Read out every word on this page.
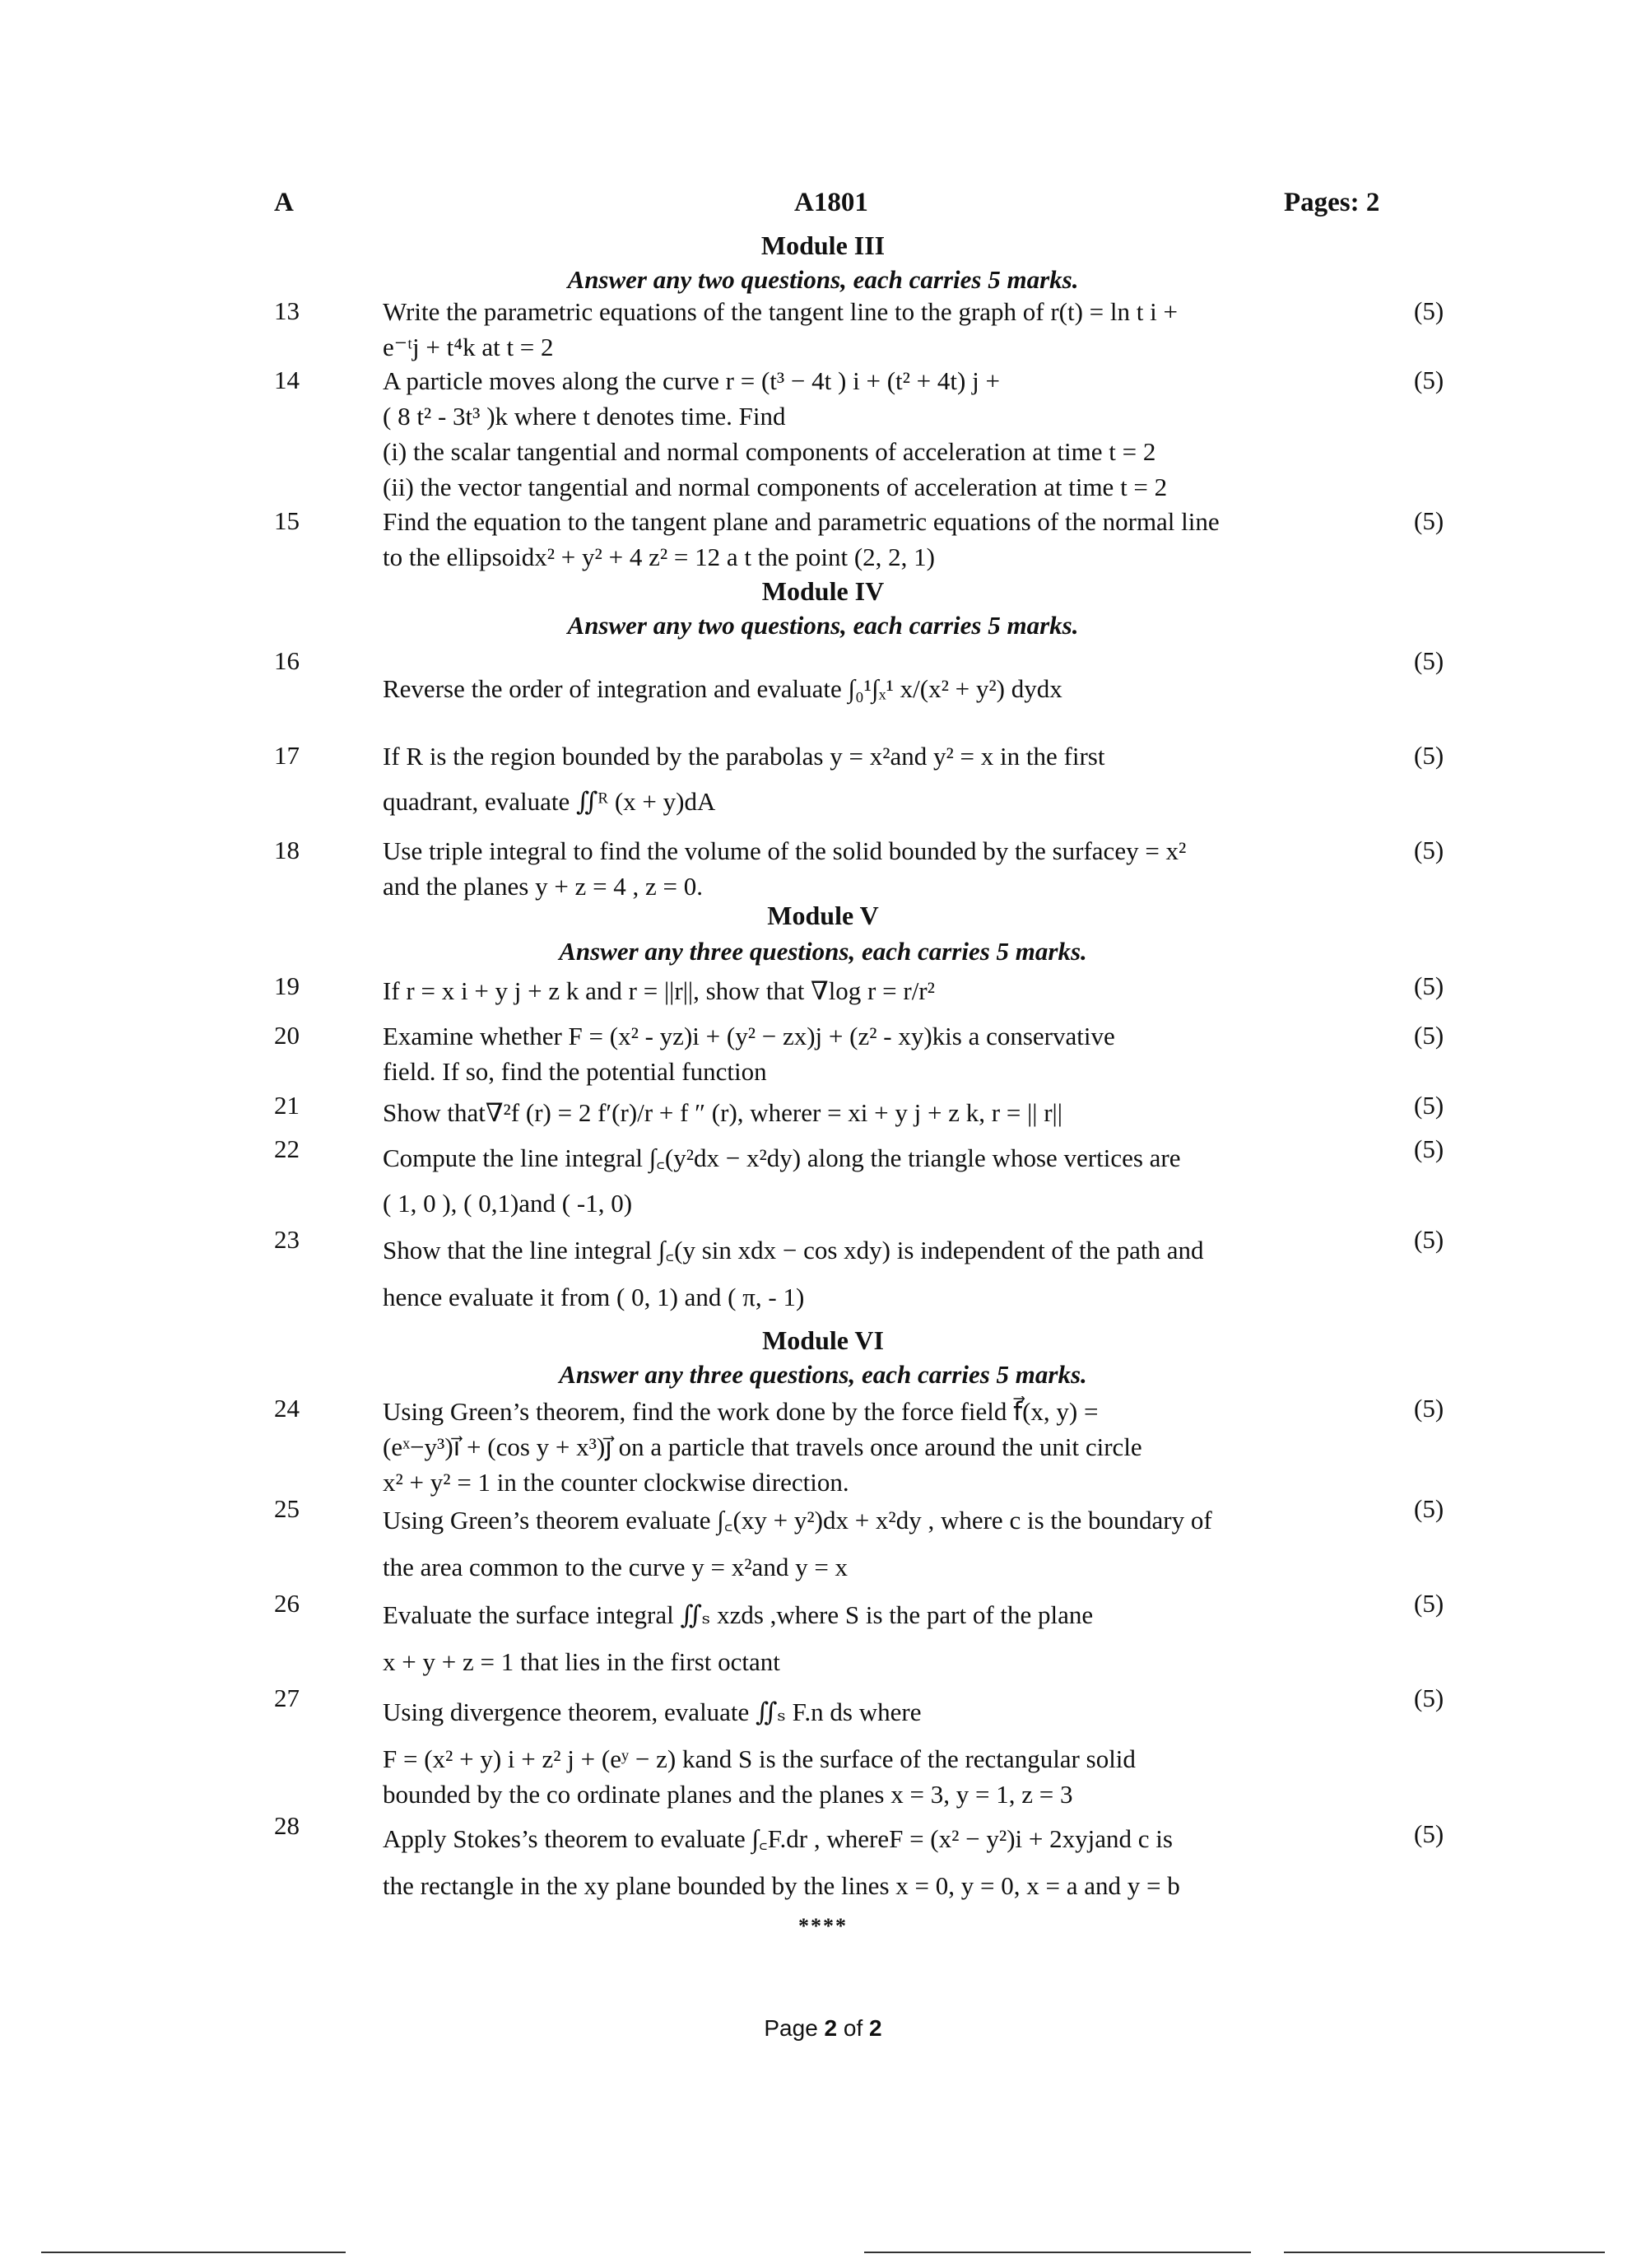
A	A1801	Pages: 2
Module III
Answer any two questions, each carries 5 marks.
13	Write the parametric equations of the tangent line to the graph of r(t) = ln t i +
e⁻ᵗj + t⁴k at t = 2
(5)
14	A particle moves along the curve r = (t³ − 4t ) i + (t² + 4t) j +
( 8 t² - 3t³ )k where t denotes time. Find
(i) the scalar tangential and normal components of acceleration at time t = 2
(ii) the vector tangential and normal components of acceleration at time t = 2
(5)
15	Find the equation to the tangent plane and parametric equations of the normal line
to the ellipsoidx² + y² + 4 z² = 12 a t the point (2, 2, 1)
(5)
Module IV
Answer any two questions, each carries 5 marks.
16
Reverse the order of integration and evaluate ∫₀¹∫ₓ¹ x/(x² + y²) dydx
(5)
17	If R is the region bounded by the parabolas y = x²and y² = x in the first
quadrant, evaluate ∬ᴿ (x + y)dA
(5)
18	Use triple integral to find the volume of the solid bounded by the surfacey = x²
and the planes y + z = 4 , z = 0.
(5)
Module V
Answer any three questions, each carries 5 marks.
19	If r = x i + y j + z k and r = ||r||, show that ∇log r = r/r²	(5)
20	Examine whether F = (x² - yz)i + (y² − zx)j + (z² - xy)kis a conservative
field. If so, find the potential function
(5)
21	Show that∇²f (r) = 2 f′(r)/r + f ″ (r), wherer = xi + y j + z k, r = || r||	(5)
22	Compute the line integral ∫꜀(y²dx − x²dy) along the triangle whose vertices are
( 1, 0 ), ( 0,1)and ( -1, 0)
(5)
23	Show that the line integral ∫꜀(y sin xdx − cos xdy) is independent of the path and
hence evaluate it from ( 0, 1) and ( π, - 1)
(5)
Module VI
Answer any three questions, each carries 5 marks.
24	Using Green’s theorem, find the work done by the force field f⃗(x, y) =
(eˣ−y³)i⃗ + (cos y + x³)j⃗ on a particle that travels once around the unit circle
x² + y² = 1 in the counter clockwise direction.
(5)
25	Using Green’s theorem evaluate ∫꜀(xy + y²)dx + x²dy , where c is the boundary of
the area common to the curve y = x²and y = x
(5)
26	Evaluate the surface integral ∬ₛ xzds ,where S is the part of the plane
x + y + z = 1 that lies in the first octant
(5)
27	Using divergence theorem, evaluate ∬ₛ F.n ds where
F = (x² + y) i + z² j + (eʸ − z) kand S is the surface of the rectangular solid
bounded by the co ordinate planes and the planes x = 3, y = 1, z = 3
(5)
28	Apply Stokes’s theorem to evaluate ∫꜀F.dr , whereF = (x² − y²)i + 2xyjand c is
the rectangle in the xy plane bounded by the lines x = 0, y = 0, x = a and y = b
(5)
****
Page 2 of 2
